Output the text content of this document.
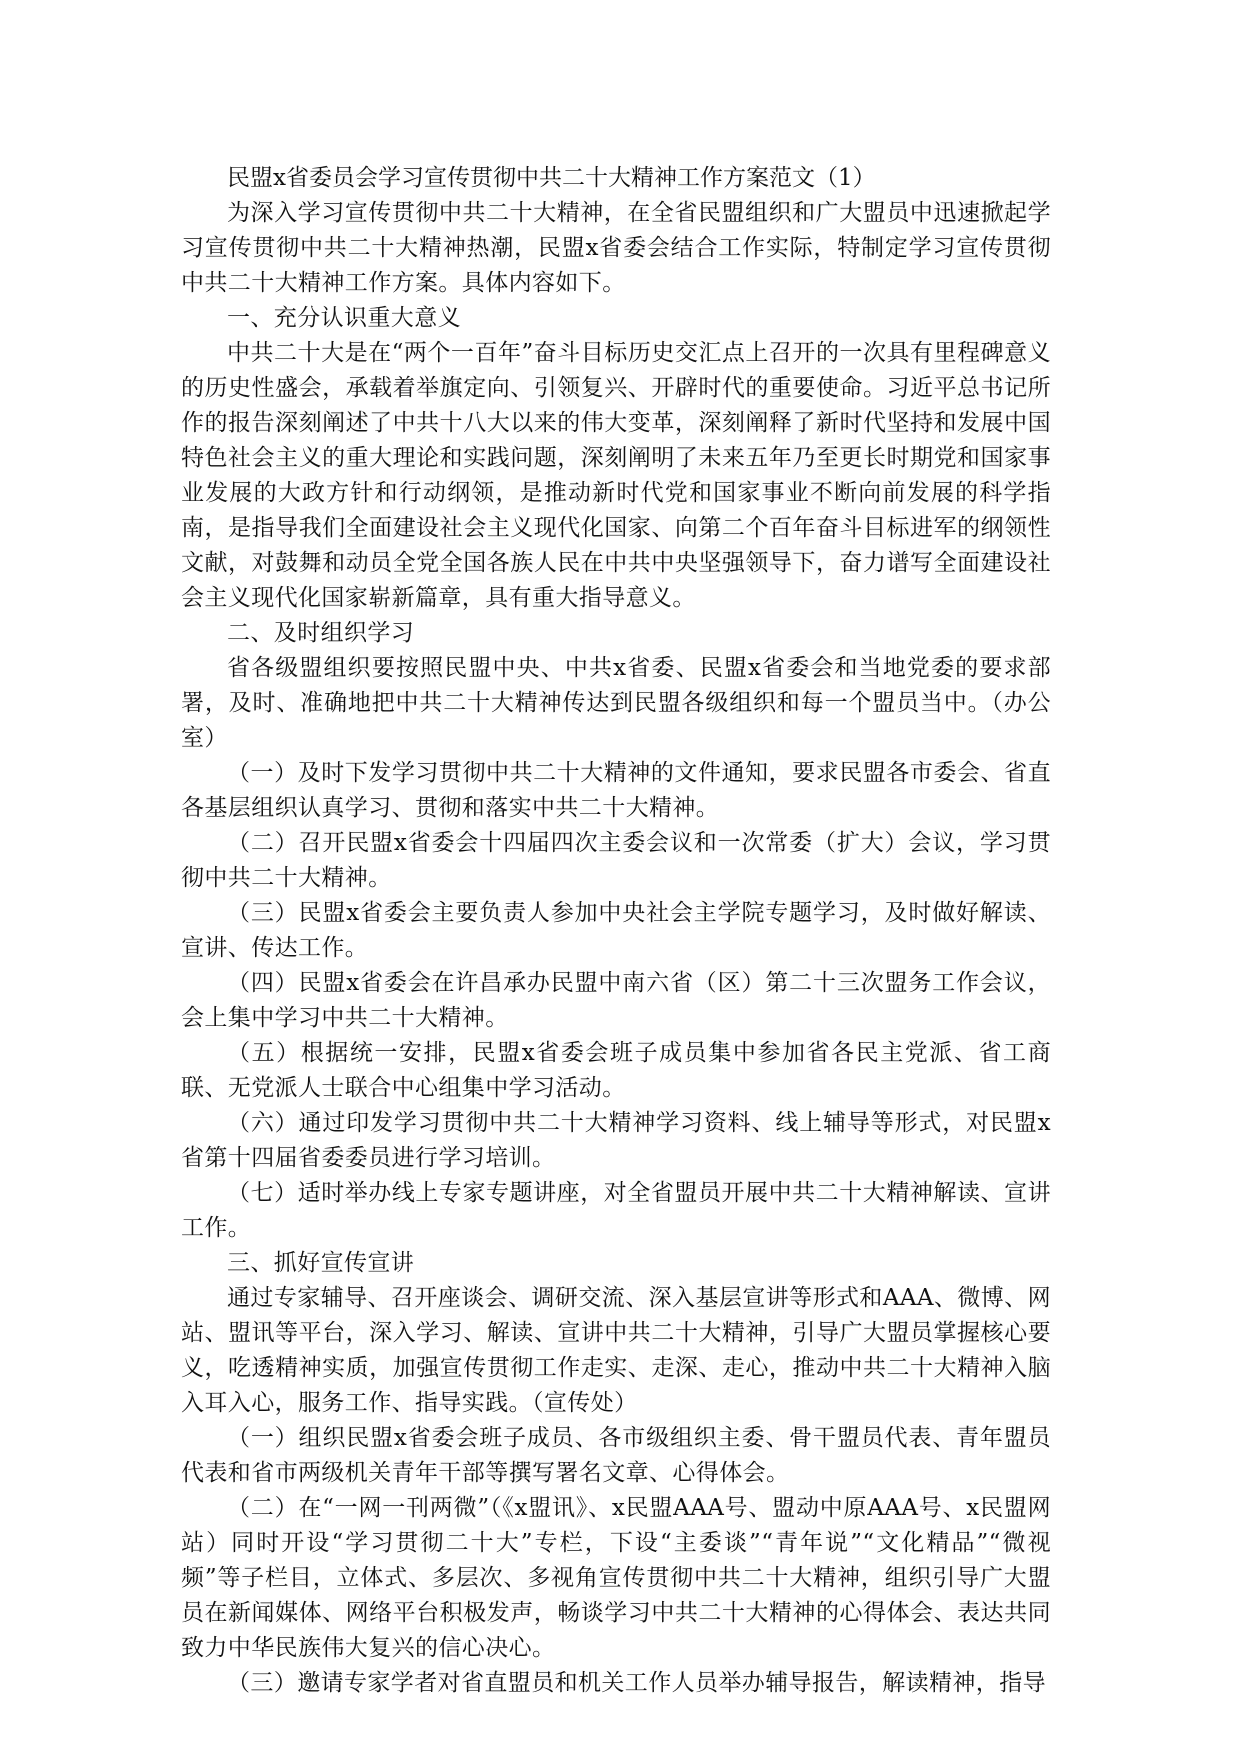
民盟x省委员会学习宣传贯彻中共二十大精神工作方案范文（1）

为深入学习宣传贯彻中共二十大精神，在全省民盟组织和广大盟员中迅速掀起学习宣传贯彻中共二十大精神热潮，民盟x省委会结合工作实际，特制定学习宣传贯彻中共二十大精神工作方案。具体内容如下。

一、充分认识重大意义

中共二十大是在“两个一百年”奋斗目标历史交汇点上召开的一次具有里程碑意义的历史性盛会，承载着举旗定向、引领复兴、开辟时代的重要使命。习近平总书记所作的报告深刻阐述了中共十八大以来的伟大变革，深刻阐释了新时代坚持和发展中国特色社会主义的重大理论和实践问题，深刻阐明了未来五年乃至更长时期党和国家事业发展的大政方针和行动纲领，是推动新时代党和国家事业不断向前发展的科学指南，是指导我们全面建设社会主义现代化国家、向第二个百年奋斗目标进军的纲领性文献，对鼓舞和动员全党全国各族人民在中共中央坚强领导下，奋力谱写全面建设社会主义现代化国家崭新篇章，具有重大指导意义。

二、及时组织学习

省各级盟组织要按照民盟中央、中共x省委、民盟x省委会和当地党委的要求部署，及时、准确地把中共二十大精神传达到民盟各级组织和每一个盟员当中。（办公室）

（一）及时下发学习贯彻中共二十大精神的文件通知，要求民盟各市委会、省直各基层组织认真学习、贯彻和落实中共二十大精神。

（二）召开民盟x省委会十四届四次主委会议和一次常委（扩大）会议，学习贯彻中共二十大精神。

（三）民盟x省委会主要负责人参加中央社会主学院专题学习，及时做好解读、宣讲、传达工作。

（四）民盟x省委会在许昌承办民盟中南六省（区）第二十三次盟务工作会议，会上集中学习中共二十大精神。

（五）根据统一安排，民盟x省委会班子成员集中参加省各民主党派、省工商联、无党派人士联合中心组集中学习活动。

（六）通过印发学习贯彻中共二十大精神学习资料、线上辅导等形式，对民盟x省第十四届省委委员进行学习培训。

（七）适时举办线上专家专题讲座，对全省盟员开展中共二十大精神解读、宣讲工作。

三、抓好宣传宣讲

通过专家辅导、召开座谈会、调研交流、深入基层宣讲等形式和AAA、微博、网站、盟讯等平台，深入学习、解读、宣讲中共二十大精神，引导广大盟员掌握核心要义，吃透精神实质，加强宣传贯彻工作走实、走深、走心，推动中共二十大精神入脑入耳入心，服务工作、指导实践。（宣传处）

（一）组织民盟x省委会班子成员、各市级组织主委、骨干盟员代表、青年盟员代表和省市两级机关青年干部等撰写署名文章、心得体会。

（二）在“一网一刊两微”（《x盟讯》、x民盟AAA号、盟动中原AAA号、x民盟网站）同时开设“学习贯彻二十大”专栏，下设“主委谈”“青年说”“文化精品”“微视频”等子栏目，立体式、多层次、多视角宣传贯彻中共二十大精神，组织引导广大盟员在新闻媒体、网络平台积极发声，畅谈学习中共二十大精神的心得体会、表达共同致力中华民族伟大复兴的信心决心。

（三）邀请专家学者对省直盟员和机关工作人员举办辅导报告，解读精神，指导
